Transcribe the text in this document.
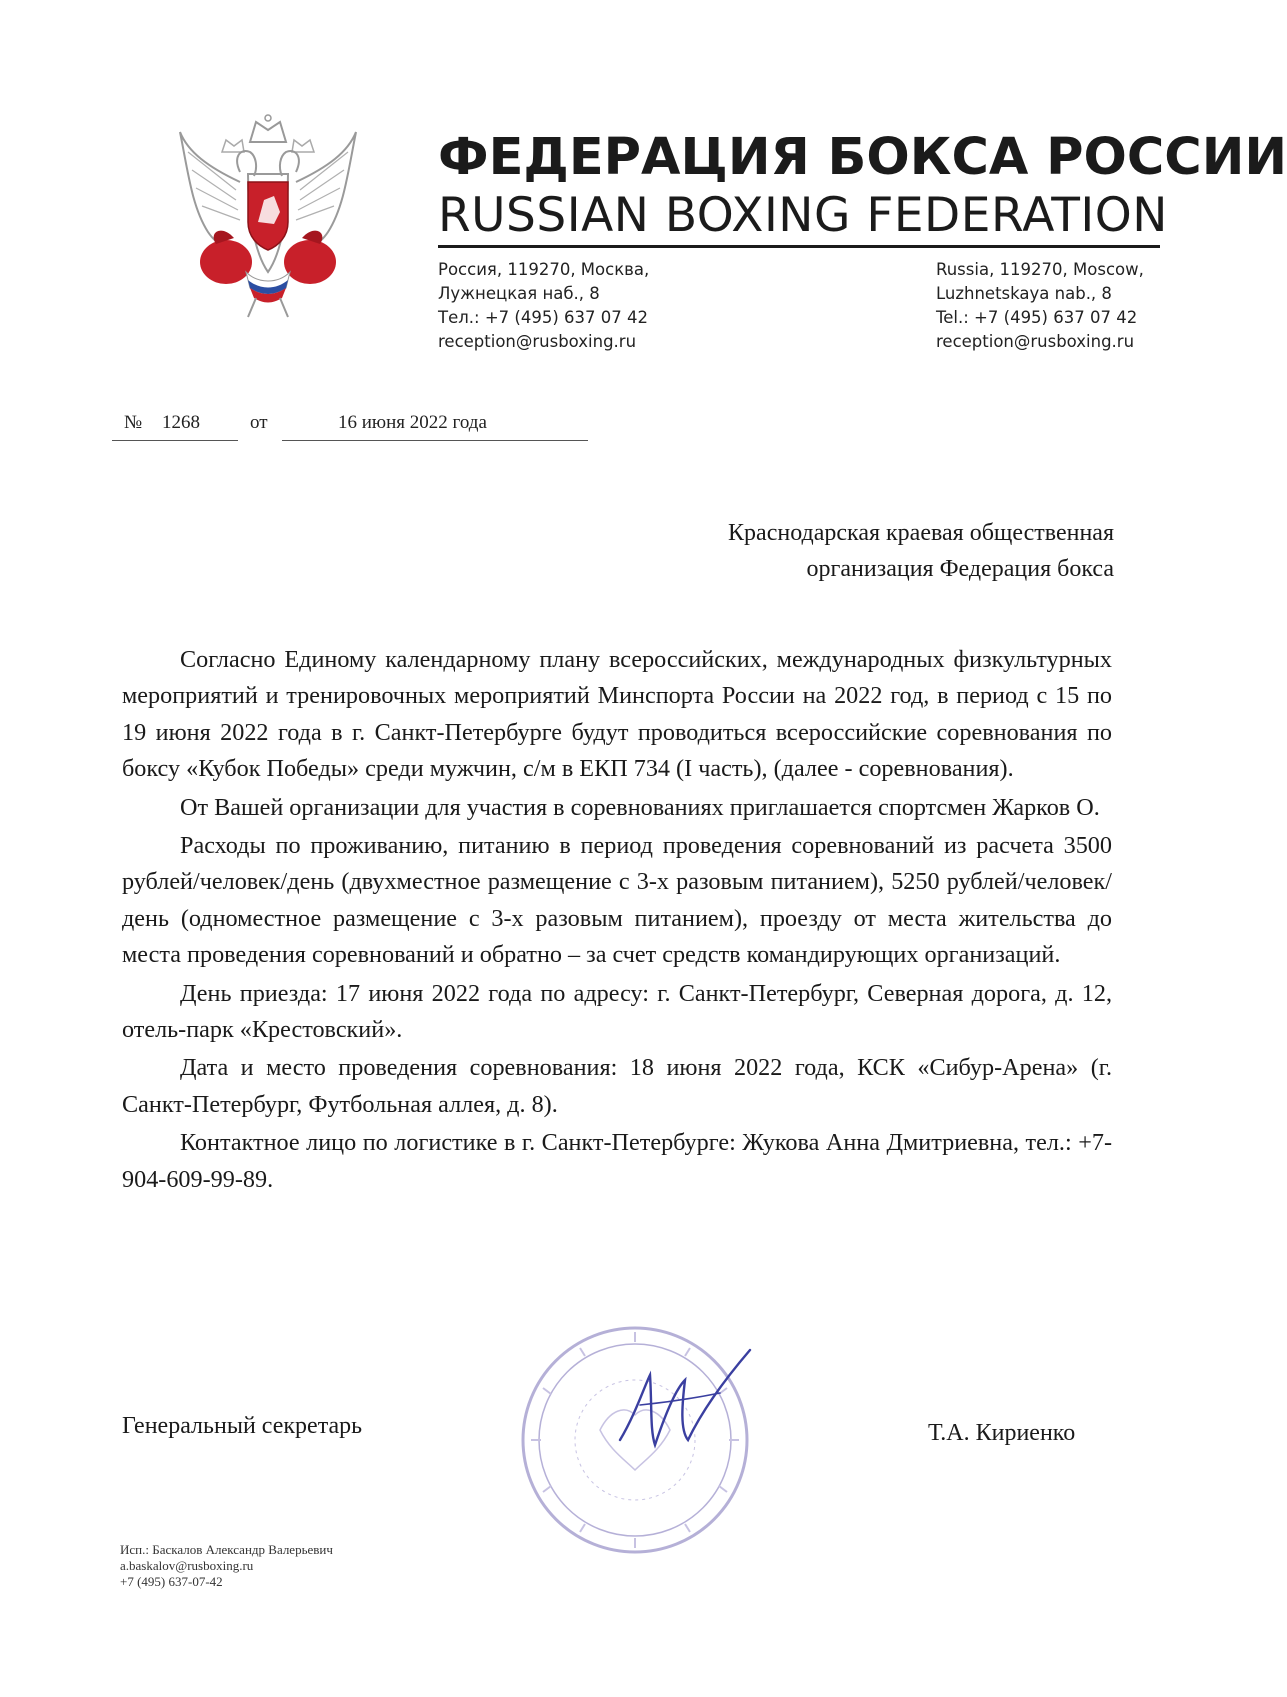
ФЕДЕРАЦИЯ БОКСА РОССИИ
RUSSIAN BOXING FEDERATION
Россия, 119270, Москва,
Лужнецкая наб., 8
Тел.: +7 (495) 637 07 42
reception@rusboxing.ru
Russia, 119270, Moscow,
Luzhnetskaya nab., 8
Tel.: +7 (495) 637 07 42
reception@rusboxing.ru
№ 1268	от	16 июня 2022 года
Краснодарская краевая общественная
организация Федерация бокса

Согласно Единому календарному плану всероссийских, международных физкультурных мероприятий и тренировочных мероприятий Минспорта России на 2022 год, в период с 15 по 19 июня 2022 года в г. Санкт-Петербурге будут проводиться всероссийские соревнования по боксу «Кубок Победы» среди мужчин, с/м в ЕКП 734 (I часть), (далее - соревнования).

От Вашей организации для участия в соревнованиях приглашается спортсмен Жарков О.

Расходы по проживанию, питанию в период проведения соревнований из расчета 3500 рублей/человек/день (двухместное размещение с 3-х разовым питанием), 5250 рублей/человек/день (одноместное размещение с 3-х разовым питанием), проезду от места жительства до места проведения соревнований и обратно – за счет средств командирующих организаций.

День приезда: 17 июня 2022 года по адресу: г. Санкт-Петербург, Северная дорога, д. 12, отель-парк «Крестовский».

Дата и место проведения соревнования: 18 июня 2022 года, КСК «Сибур-Арена» (г. Санкт-Петербург, Футбольная аллея, д. 8).

Контактное лицо по логистике в г. Санкт-Петербурге: Жукова Анна Дмитриевна, тел.: +7-904-609-99-89.

Генеральный секретарь	Т.А. Кириенко
Исп.: Баскалов Александр Валерьевич
a.baskalov@rusboxing.ru
+7 (495) 637-07-42
